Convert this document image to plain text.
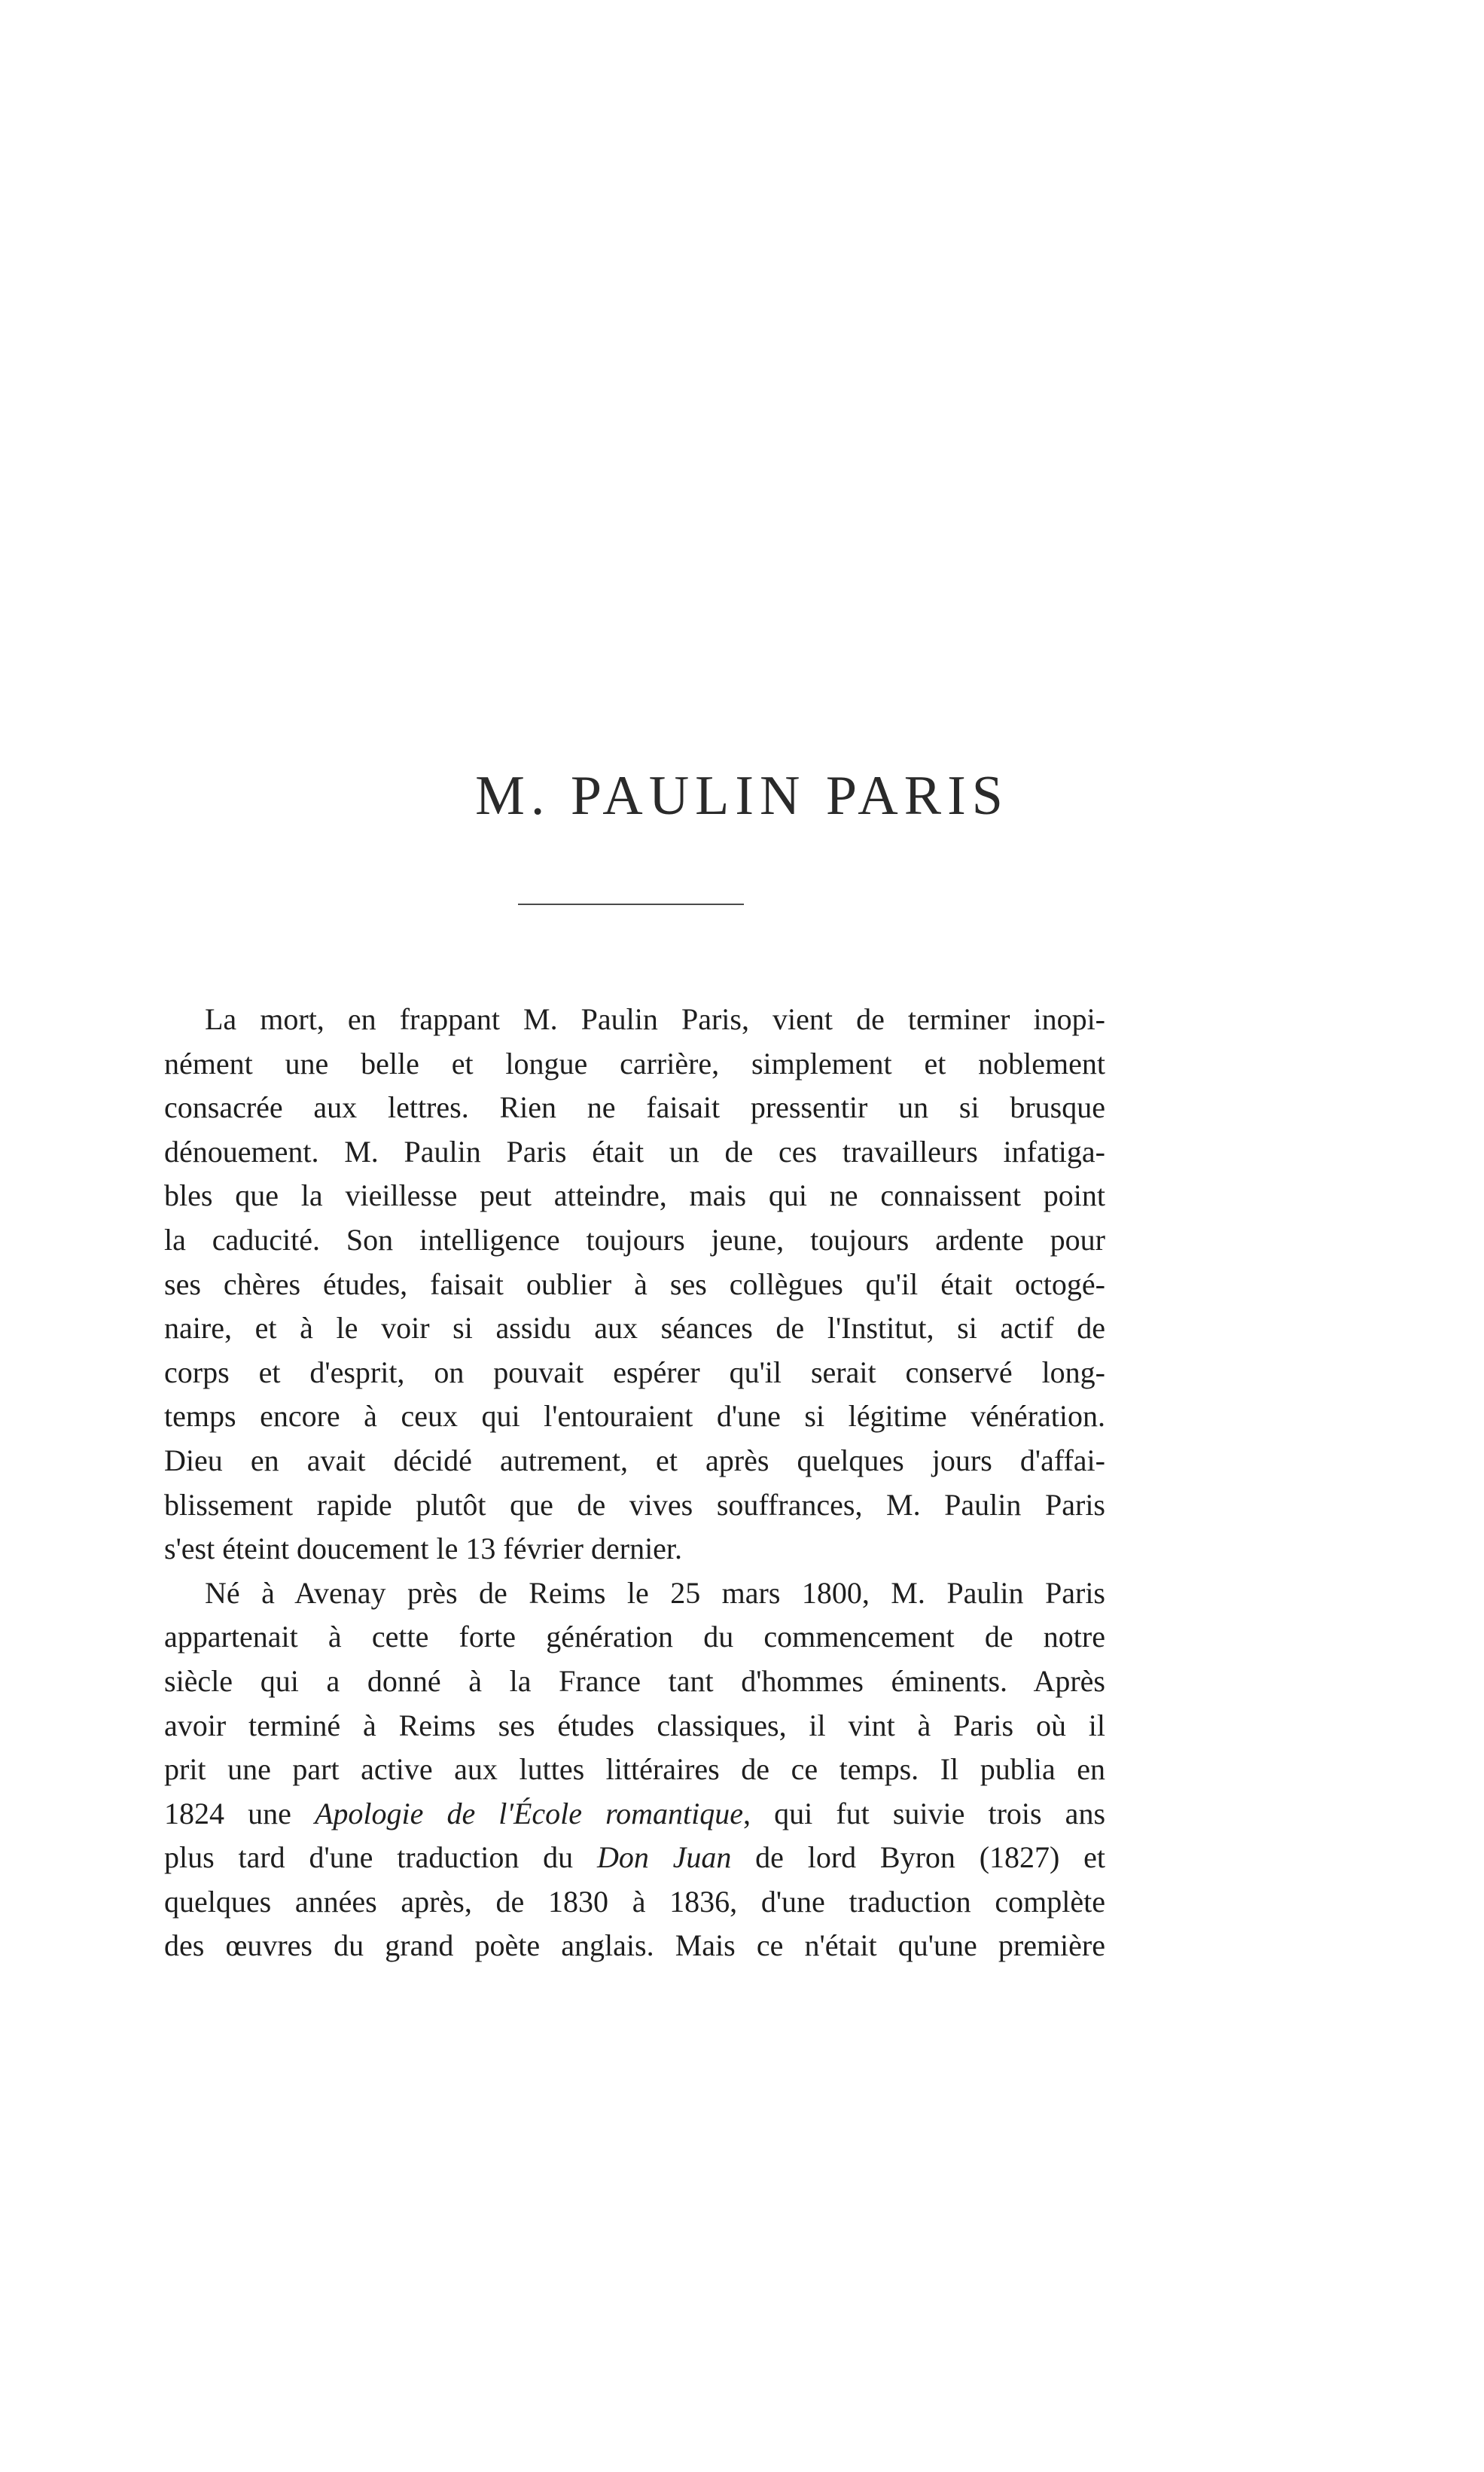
M. PAULIN PARIS
La mort, en frappant M. Paulin Paris, vient de terminer inopi-
nément une belle et longue carrière, simplement et noblement
consacrée aux lettres. Rien ne faisait pressentir un si brusque
dénouement. M. Paulin Paris était un de ces travailleurs infatiga-
bles que la vieillesse peut atteindre, mais qui ne connaissent point
la caducité. Son intelligence toujours jeune, toujours ardente pour
ses chères études, faisait oublier à ses collègues qu'il était octogé-
naire, et à le voir si assidu aux séances de l'Institut, si actif de
corps et d'esprit, on pouvait espérer qu'il serait conservé long-
temps encore à ceux qui l'entouraient d'une si légitime vénération.
Dieu en avait décidé autrement, et après quelques jours d'affai-
blissement rapide plutôt que de vives souffrances, M. Paulin Paris
s'est éteint doucement le 13 février dernier.
Né à Avenay près de Reims le 25 mars 1800, M. Paulin Paris
appartenait à cette forte génération du commencement de notre
siècle qui a donné à la France tant d'hommes éminents. Après
avoir terminé à Reims ses études classiques, il vint à Paris où il
prit une part active aux luttes littéraires de ce temps. Il publia en
1824 une Apologie de l'École romantique, qui fut suivie trois ans
plus tard d'une traduction du Don Juan de lord Byron (1827) et
quelques années après, de 1830 à 1836, d'une traduction complète
des œuvres du grand poète anglais. Mais ce n'était qu'une première
